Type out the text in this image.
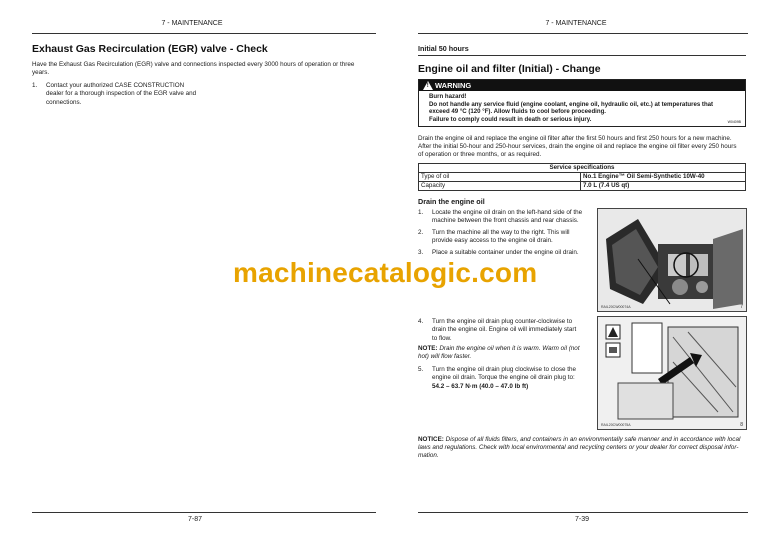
7 - MAINTENANCE
Exhaust Gas Recirculation (EGR) valve - Check
Have the Exhaust Gas Recirculation (EGR) valve and connections inspected every 3000 hours of operation or three
years.
1. Contact your authorized CASE CONSTRUCTION
dealer for a thorough inspection of the EGR valve and
connections.
7-87
7 - MAINTENANCE
7-39
Initial 50 hours
Engine oil and filter (Initial) - Change
! WARNING
Burn hazard!
Do not handle any service fluid (engine coolant, engine oil, hydraulic oil, etc.) at temperatures that
exceed 49 °C (120 °F). Allow fluids to cool before proceeding.
Failure to comply could result in death or serious injury.	W0409B
Drain the engine oil and replace the engine oil filter after the first 50 hours and first 250 hours for a new machine.
After the initial 50-hour and 250-hour services, drain the engine oil and replace the engine oil filter every 250 hours
of operation or three months, or as required.
Service specifications	
Type of oil	No.1 Engine™ Oil Semi-Synthetic 10W-40
Capacity	7.0 L (7.4 US qt)
Drain the engine oil
1. Locate the engine oil drain on the left-hand side of the
machine between the front chassis and rear chassis.
2. Turn the machine all the way to the right. This will
provide easy access to the engine oil drain.
3. Place a suitable container under the engine oil drain.
RAIL20CW00074A	7
4. Turn the engine oil drain plug counter-clockwise to
drain the engine oil. Engine oil will immediately start
to flow.
NOTE: Drain the engine oil when it is warm. Warm oil (not
hot) will flow faster.
5. Turn the engine oil drain plug clockwise to close the
engine oil drain. Torque the engine oil drain plug to:
54.2 – 63.7 N·m (40.0 – 47.0 lb ft)
RAIL20CW00075A	8
NOTICE: Dispose of all fluids filters, and containers in an environmentally safe manner and in accordance with local
laws and regulations. Check with local environmental and recycling centers or your dealer for correct disposal infor-
mation.
machinecatalogic.com
